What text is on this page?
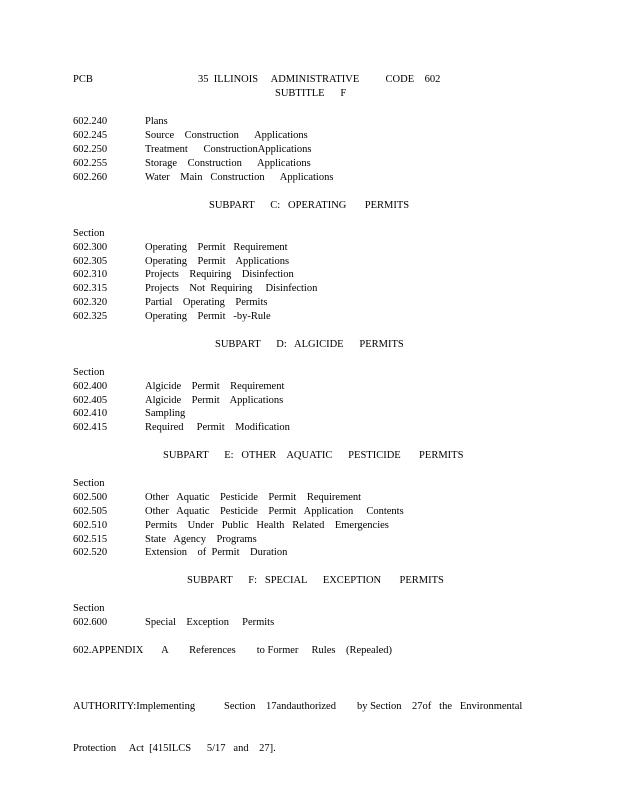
PCB	35  ILLINOIS     ADMINISTRATIVE          CODE    602
SUBTITLE      F
602.240	Plans
602.245	Source    Construction      Applications
602.250	Treatment      ConstructionApplications
602.255	Storage    Construction      Applications
602.260	Water    Main   Construction      Applications
SUBPART      C:   OPERATING       PERMITS
Section
602.300	Operating    Permit   Requirement
602.305	Operating    Permit    Applications
602.310	Projects    Requiring    Disinfection
602.315	Projects    Not  Requiring     Disinfection
602.320	Partial    Operating    Permits
602.325	Operating    Permit   -by-Rule
SUBPART      D:   ALGICIDE      PERMITS
Section
602.400	Algicide    Permit    Requirement
602.405	Algicide    Permit    Applications
602.410	Sampling
602.415	Required     Permit    Modification
SUBPART      E:   OTHER    AQUATIC      PESTICIDE       PERMITS
Section
602.500	Other   Aquatic    Pesticide    Permit    Requirement
602.505	Other   Aquatic    Pesticide    Permit   Application     Contents
602.510	Permits    Under   Public   Health   Related    Emergencies
602.515	State   Agency    Programs
602.520	Extension    of  Permit    Duration
SUBPART      F:   SPECIAL      EXCEPTION       PERMITS
Section
602.600	Special    Exception     Permits
602.APPENDIX       A        References        to Former     Rules    (Repealed)

AUTHORITY:Implementing           Section    17andauthorized        by Section    27of   the   Environmental

Protection     Act  [415ILCS      5/17   and    27].
